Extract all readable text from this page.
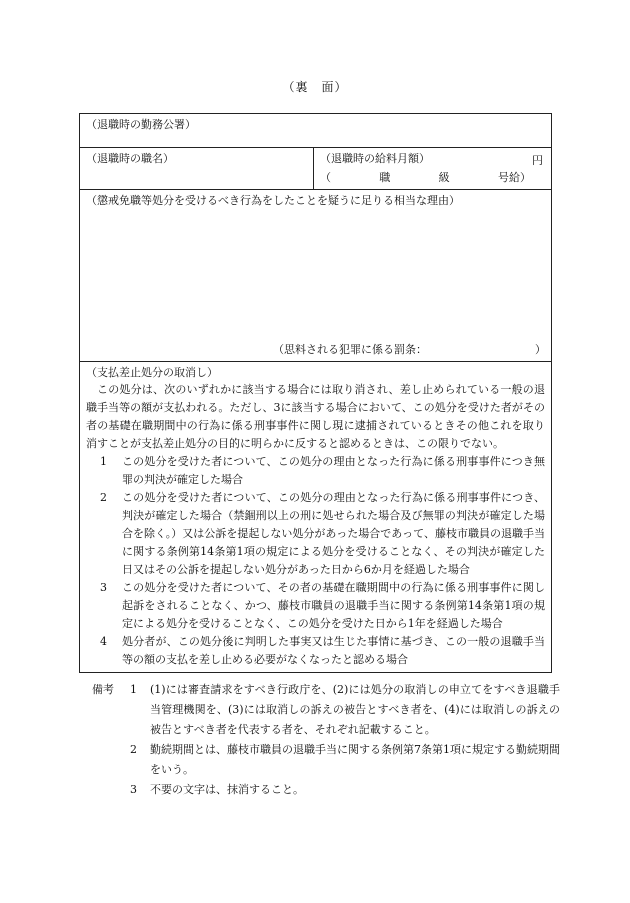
（裏　面）
（退職時の勤務公署）
（退職時の職名）	（退職時の給料月額）	円
（	職	級	号給）
（懲戒免職等処分を受けるべき行為をしたことを疑うに足りる相当な理由）
（思料される犯罪に係る罰条：	）
（支払差止処分の取消し）

この処分は、次のいずれかに該当する場合には取り消され、差し止められている一般の退職手当等の額が支払われる。ただし、3に該当する場合において、この処分を受けた者がその者の基礎在職期間中の行為に係る刑事事件に関し現に逮捕されているときその他これを取り消すことが支払差止処分の目的に明らかに反すると認めるときは、この限りでない。

1	この処分を受けた者について、この処分の理由となった行為に係る刑事事件につき無罪の判決が確定した場合
2	この処分を受けた者について、この処分の理由となった行為に係る刑事事件につき、判決が確定した場合（禁錮刑以上の刑に処せられた場合及び無罪の判決が確定した場合を除く。）又は公訴を提起しない処分があった場合であって、藤枝市職員の退職手当に関する条例第14条第1項の規定による処分を受けることなく、その判決が確定した日又はその公訴を提起しない処分があった日から6か月を経過した場合
3	この処分を受けた者について、その者の基礎在職期間中の行為に係る刑事事件に関し起訴をされることなく、かつ、藤枝市職員の退職手当に関する条例第14条第1項の規定による処分を受けることなく、この処分を受けた日から1年を経過した場合
4	処分者が、この処分後に判明した事実又は生じた事情に基づき、この一般の退職手当等の額の支払を差し止める必要がなくなったと認める場合
備考	1	(1)には審査請求をすべき行政庁を、(2)には処分の取消しの申立てをすべき退職手当管理機関を、(3)には取消しの訴えの被告とすべき者を、(4)には取消しの訴えの被告とすべき者を代表する者を、それぞれ記載すること。
2	勤続期間とは、藤枝市職員の退職手当に関する条例第7条第1項に規定する勤続期間をいう。
3	不要の文字は、抹消すること。
